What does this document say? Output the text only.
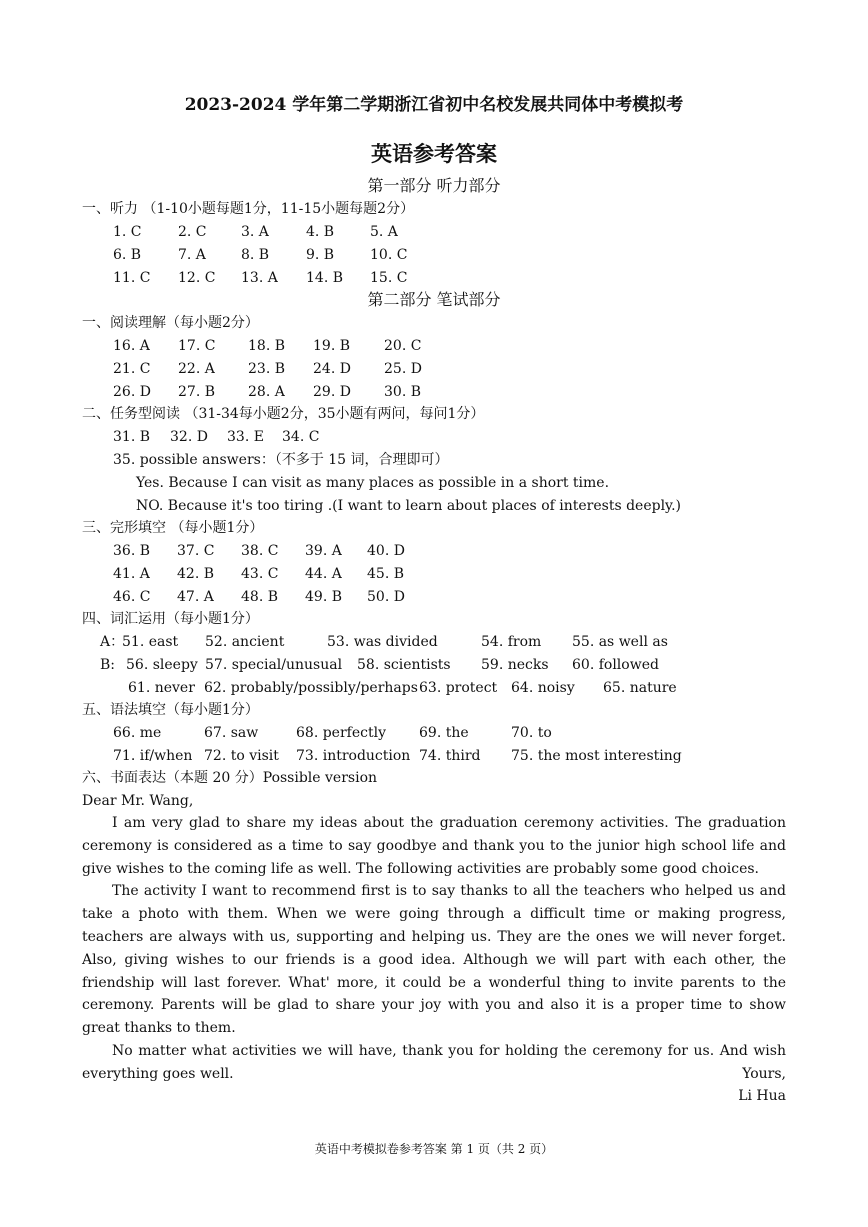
2023-2024 学年第二学期浙江省初中名校发展共同体中考模拟考
英语参考答案
第一部分 听力部分
一、听力 （1-10小题每题1分，11-15小题每题2分）
1. C	2. C 3. A	4. B	5. A
6. B	7. A	8. B	9. B	10. C
11. C 12. C 13. A 14. B 15. C
第二部分 笔试部分
一、阅读理解（每小题2分）
16. A 17. C 18. B 19. B 20. C
21. C 22. A 23. B 24. D 25. D
26. D 27. B 28. A 29. D 30. B
二、任务型阅读 （31-34每小题2分，35小题有两问，每问1分）
31. B 32. D 33. E 34. C
35. possible answers：（不多于 15 词，合理即可）
Yes. Because I can visit as many places as possible in a short time.
NO. Because it's too tiring .(I want to learn about places of interests deeply.)
三、完形填空 （每小题1分）
36. B 37. C 38. C 39. A 40. D
41. A 42. B 43. C 44. A 45. B
46. C 47. A 48. B 49. B 50. D
四、词汇运用（每小题1分）
A：
51. east 52. ancient	53. was divided	54. from 55. as well as
B: 56. sleepy 57. special/unusual 58. scientists 59. necks 60. followed
61. never 62. probably/possibly/perhaps 63. protect 64. noisy 65. nature
五、语法填空（每小题1分）
66. me	67. saw	68. perfectly 69. the	70. to
71. if/when 72. to visit 73. introduction 74. third 75. the most interesting
六、书面表达（本题 20 分）Possible version
Dear Mr. Wang,

I am very glad to share my ideas about the graduation ceremony activities. The graduation ceremony is considered as a time to say goodbye and thank you to the junior high school life and give wishes to the coming life as well. The following activities are probably some good choices.

The activity I want to recommend first is to say thanks to all the teachers who helped us and take a photo with them. When we were going through a difficult time or making progress, teachers are always with us, supporting and helping us. They are the ones we will never forget. Also, giving wishes to our friends is a good idea. Although we will part with each other, the friendship will last forever. What' more, it could be a wonderful thing to invite parents to the ceremony. Parents will be glad to share your joy with you and also it is a proper time to show great thanks to them.

No matter what activities we will have, thank you for holding the ceremony for us. And wish everything goes well.	Yours,
Li Hua
英语中考模拟卷参考答案 第 1 页（共 2 页）
